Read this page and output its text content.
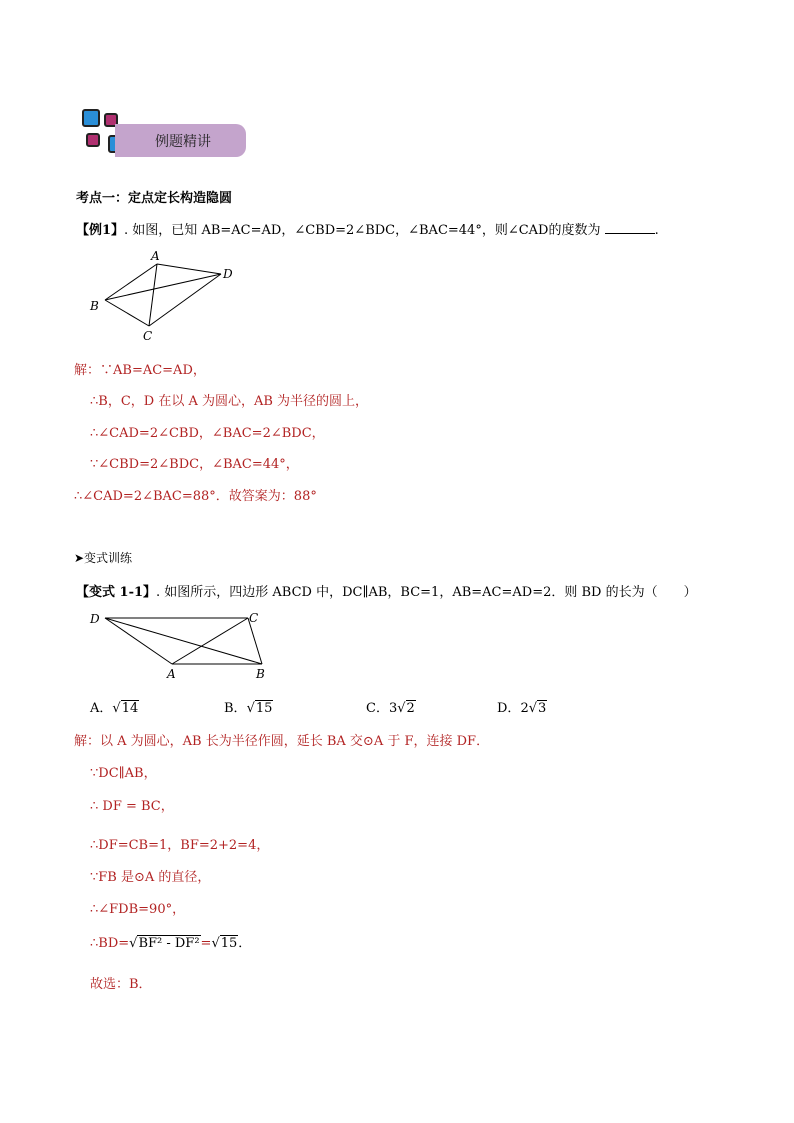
例题精讲
考点一：定点定长构造隐圆
【例1】. 如图，已知 AB=AC=AD，∠CBD=2∠BDC，∠BAC=44°，则∠CAD的度数为	.
A
B
C
D
解：∵AB=AC=AD，
∴B，C，D 在以 A 为圆心，AB 为半径的圆上，
∴∠CAD=2∠CBD，∠BAC=2∠BDC，
∵∠CBD=2∠BDC，∠BAC=44°，
∴∠CAD=2∠BAC=88°．故答案为：88°
➤变式训练
【变式 1-1】. 如图所示，四边形 ABCD 中，DC∥AB，BC=1，AB=AC=AD=2．则 BD 的长为（　　）
D	C
A	B
A．√14	B．√15	C．3√2	D．2√3
解：以 A 为圆心，AB 长为半径作圆，延长 BA 交⊙A 于 F，连接 DF．
∵DC∥AB，
∴ DF = BC，
∴DF=CB=1，BF=2+2=4，
∵FB 是⊙A 的直径，
∴∠FDB=90°，
∴BD=√BF² - DF²=√15．
故选：B．
